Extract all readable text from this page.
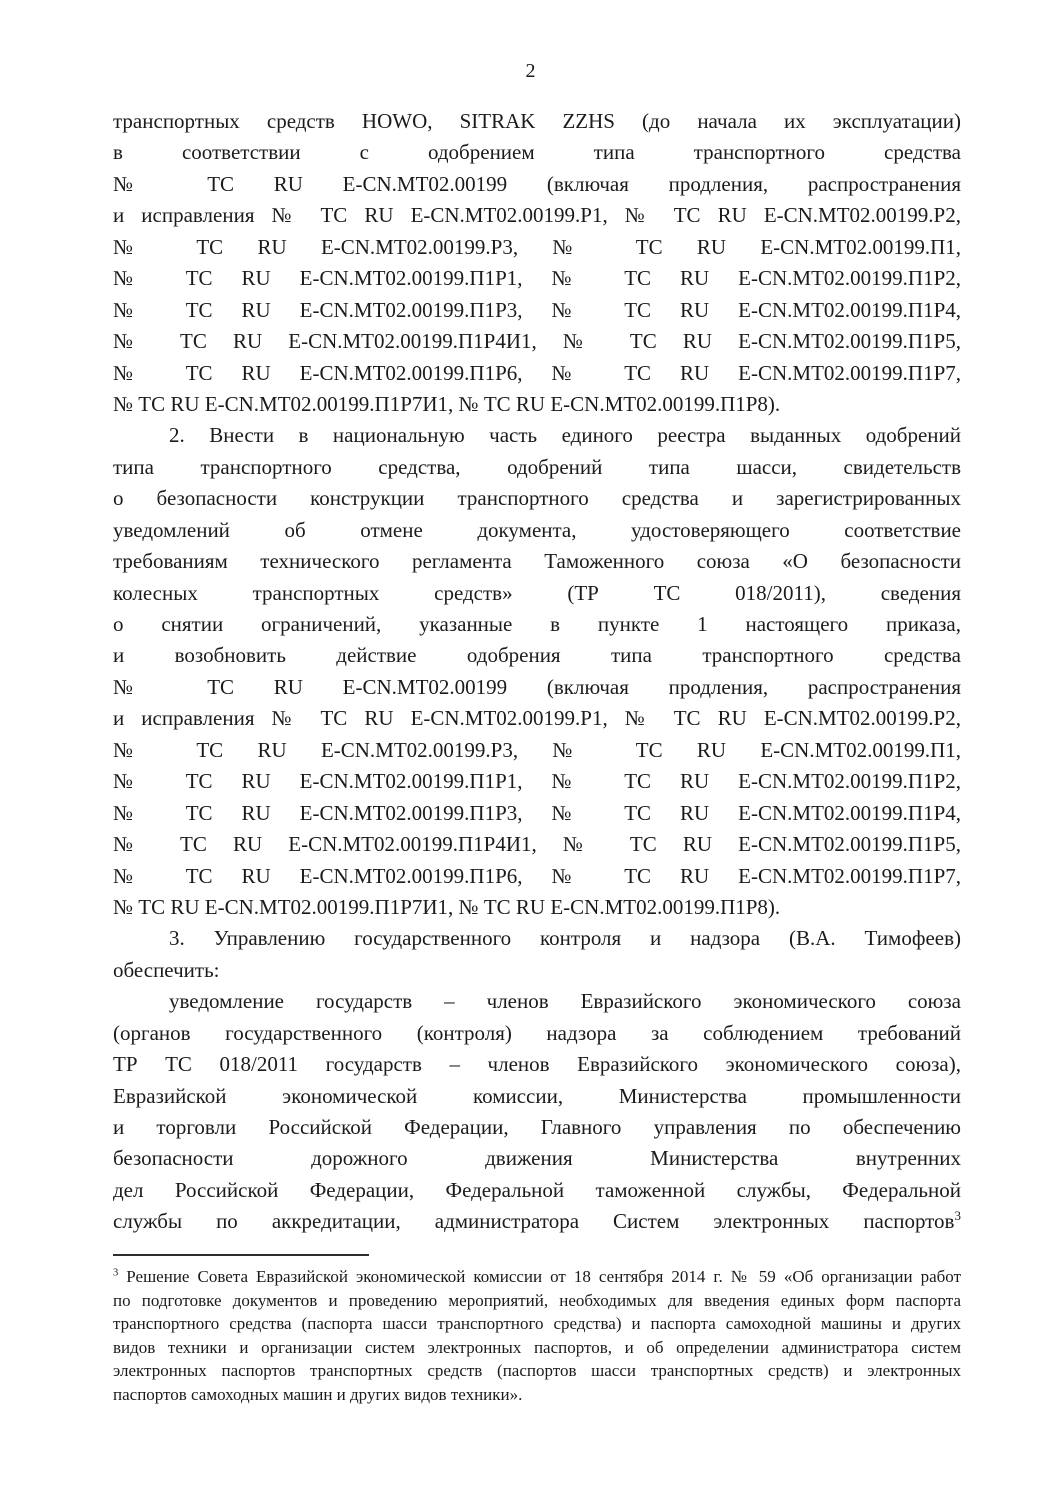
2
транспортных средств HOWO, SITRAK ZZHS (до начала их эксплуатации)
в соответствии с одобрением типа транспортного средства
№ ТС RU Е-CN.МТ02.00199 (включая продления, распространения
и исправления № ТС RU Е-CN.МТ02.00199.Р1, № ТС RU Е-CN.МТ02.00199.Р2,
№ ТС RU Е-CN.МТ02.00199.Р3, № ТС RU Е-CN.МТ02.00199.П1,
№ ТС RU Е-CN.МТ02.00199.П1Р1, № ТС RU Е-CN.МТ02.00199.П1Р2,
№ ТС RU Е-CN.МТ02.00199.П1Р3, № ТС RU Е-CN.МТ02.00199.П1Р4,
№ ТС RU Е-CN.МТ02.00199.П1Р4И1, № ТС RU Е-CN.МТ02.00199.П1Р5,
№ ТС RU Е-CN.МТ02.00199.П1Р6, № ТС RU Е-CN.МТ02.00199.П1Р7,
№ ТС RU Е-CN.МТ02.00199.П1Р7И1, № ТС RU Е-CN.МТ02.00199.П1Р8).
2. Внести в национальную часть единого реестра выданных одобрений
типа транспортного средства, одобрений типа шасси, свидетельств
о безопасности конструкции транспортного средства и зарегистрированных
уведомлений об отмене документа, удостоверяющего соответствие
требованиям технического регламента Таможенного союза «О безопасности
колесных транспортных средств» (ТР ТС 018/2011), сведения
о снятии ограничений, указанные в пункте 1 настоящего приказа,
и возобновить действие одобрения типа транспортного средства
№ ТС RU Е-CN.МТ02.00199 (включая продления, распространения
и исправления № ТС RU Е-CN.МТ02.00199.Р1, № ТС RU Е-CN.МТ02.00199.Р2,
№ ТС RU Е-CN.МТ02.00199.Р3, № ТС RU Е-CN.МТ02.00199.П1,
№ ТС RU Е-CN.МТ02.00199.П1Р1, № ТС RU Е-CN.МТ02.00199.П1Р2,
№ ТС RU Е-CN.МТ02.00199.П1Р3, № ТС RU Е-CN.МТ02.00199.П1Р4,
№ ТС RU Е-CN.МТ02.00199.П1Р4И1, № ТС RU Е-CN.МТ02.00199.П1Р5,
№ ТС RU Е-CN.МТ02.00199.П1Р6, № ТС RU Е-CN.МТ02.00199.П1Р7,
№ ТС RU Е-CN.МТ02.00199.П1Р7И1, № ТС RU Е-CN.МТ02.00199.П1Р8).
3. Управлению государственного контроля и надзора (В.А. Тимофеев)
обеспечить:
уведомление государств – членов Евразийского экономического союза
(органов государственного (контроля) надзора за соблюдением требований
ТР ТС 018/2011 государств – членов Евразийского экономического союза),
Евразийской экономической комиссии, Министерства промышленности
и торговли Российской Федерации, Главного управления по обеспечению
безопасности дорожного движения Министерства внутренних
дел Российской Федерации, Федеральной таможенной службы, Федеральной
службы по аккредитации, администратора Систем электронных паспортов$^3$
$^3$ Решение Совета Евразийской экономической комиссии от 18 сентября 2014 г. № 59 «Об организации работ
по подготовке документов и проведению мероприятий, необходимых для введения единых форм паспорта
транспортного средства (паспорта шасси транспортного средства) и паспорта самоходной машины и других
видов техники и организации систем электронных паспортов, и об определении администратора систем
электронных паспортов транспортных средств (паспортов шасси транспортных средств) и электронных
паспортов самоходных машин и других видов техники».
